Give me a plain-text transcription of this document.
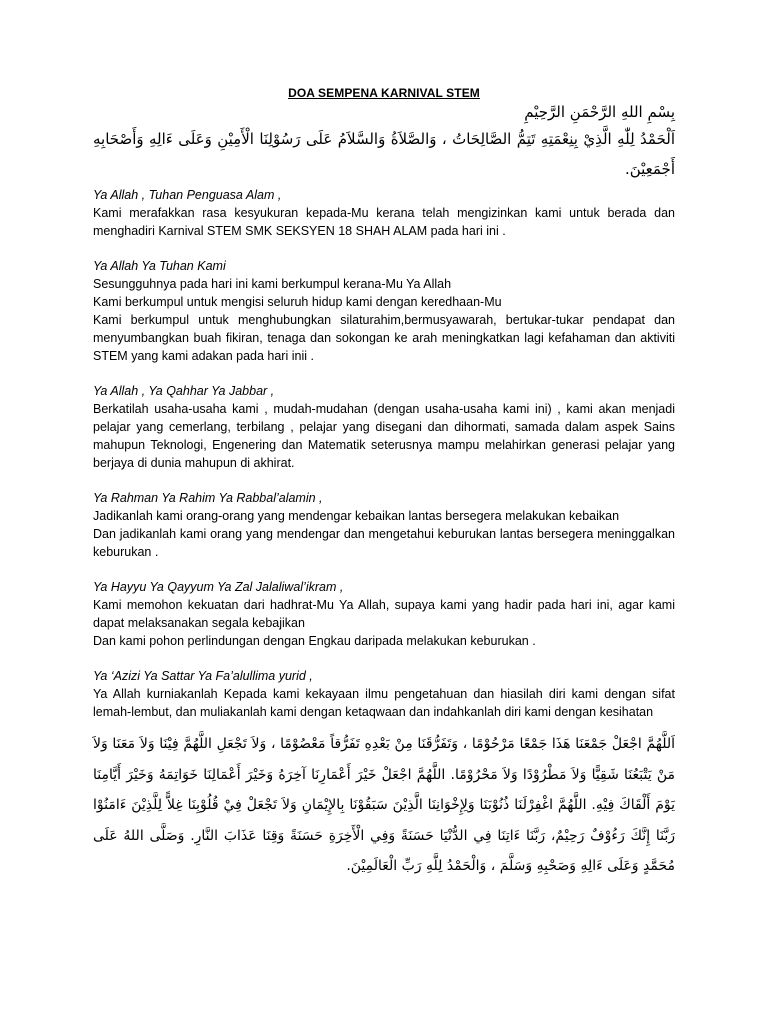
DOA SEMPENA KARNIVAL STEM

بِسْمِ اللهِ الرَّحْمَنِ الرَّحِيْمِ

اَلْحَمْدُ لِلّٰهِ الَّذِيْ بِنِعْمَتِهِ تَتِمُّ الصَّالِحَاتُ ، وَالصَّلاَةُ وَالسَّلاَمُ عَلَى رَسُوْلِنَا الْأَمِيْنِ وَعَلَى ءَالِهِ وَأَصْحَابِهِ أَجْمَعِيْنَ.

Ya Allah , Tuhan Penguasa Alam ,

Kami merafakkan rasa kesyukuran kepada-Mu kerana telah mengizinkan kami untuk berada dan menghadiri Karnival STEM SMK SEKSYEN 18 SHAH ALAM pada hari ini .

Ya Allah Ya Tuhan Kami

Sesungguhnya pada hari ini kami berkumpul kerana-Mu Ya Allah

Kami berkumpul untuk mengisi seluruh hidup kami dengan keredhaan-Mu

Kami berkumpul untuk menghubungkan silaturahim,bermusyawarah, bertukar-tukar pendapat dan menyumbangkan buah fikiran, tenaga dan sokongan ke arah meningkatkan lagi kefahaman dan aktiviti STEM yang kami adakan pada hari inii .

Ya Allah , Ya Qahhar Ya Jabbar ,

Berkatilah usaha-usaha kami , mudah-mudahan (dengan usaha-usaha kami ini) , kami akan menjadi pelajar yang cemerlang, terbilang , pelajar yang disegani dan dihormati, samada dalam aspek Sains mahupun Teknologi, Engenering dan Matematik seterusnya mampu melahirkan generasi pelajar yang berjaya di dunia mahupun di akhirat.

Ya Rahman Ya Rahim Ya Rabbal’alamin ,

Jadikanlah kami orang-orang yang mendengar kebaikan lantas bersegera melakukan kebaikan

Dan jadikanlah kami orang yang mendengar dan mengetahui keburukan lantas bersegera meninggalkan keburukan .

Ya Hayyu Ya Qayyum Ya Zal Jalaliwal’ikram ,

Kami memohon kekuatan dari hadhrat-Mu Ya Allah, supaya kami yang hadir pada hari ini, agar kami dapat melaksanakan segala kebajikan

Dan kami pohon perlindungan dengan Engkau daripada melakukan keburukan .

Ya ‘Azizi Ya Sattar Ya Fa’alullima yurid ,

Ya Allah kurniakanlah Kepada kami kekayaan ilmu pengetahuan dan hiasilah diri kami dengan sifat lemah-lembut, dan muliakanlah kami dengan ketaqwaan dan indahkanlah diri kami dengan kesihatan

اَللَّهُمَّ اجْعَلْ جَمْعَنَا هَذَا جَمْعًا مَرْحُوْمًا ، وَتَفَرُّقَنَا مِنْ بَعْدِهِ تَفَرُّقاً مَعْصُوْمًا ، وَلاَ تَجْعَلِ اللَّهُمَّ فِيْنَا وَلاَ مَعَنَا وَلاَ مَنْ يَتْبَعُنَا شَقِيًّا وَلاَ مَطْرُوْدًا وَلاَ مَحْرُوْمًا. اللَّهُمَّ اجْعَلْ خَيْرَ أَعْمَارِنَا آخِرَهُ وَخَيْرَ أَعْمَالِنَا خَوَاتِمَهُ وَخَيْرَ أَيَّامِنَا يَوْمَ أَلْقَاكَ فِيْهِ. اللَّهُمَّ اغْفِرْلَنَا ذُنُوْبَنَا وَلِإِخْوَانِنَا الَّذِيْنَ سَبَقُوْنَا بِالإِيْمَانِ وَلاَ تَجْعَلْ فِيْ قُلُوْبِنَا غِلاًّ لِلَّذِيْنَ ءَامَنُوْا رَبَّنَا إِنَّكَ رَءُوْفٌ رَحِيْمٌ، رَبَّنَا ءَاتِنَا فِي الدُّنْيَا حَسَنَةً وَفِي الْأَخِرَةِ حَسَنَةً وَقِنَا عَذَابَ النَّارِ. وَصَلَّى اللهُ عَلَى مُحَمَّدٍ وَعَلَى ءَالِهِ وَصَحْبِهِ وَسَلَّمَ ، وَالْحَمْدُ لِلَّهِ رَبِّ الْعَالَمِيْنَ.
